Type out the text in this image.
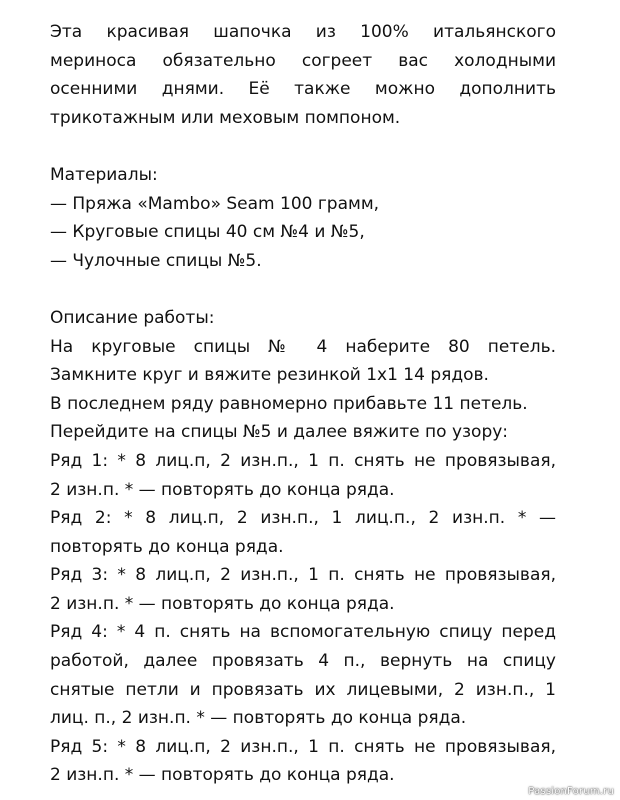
Эта красивая шапочка из 100% итальянского
мериноса обязательно согреет вас холодными
осенними днями. Её также можно дополнить
трикотажным или меховым помпоном.
Материалы:
— Пряжа «Mambo» Seam 100 грамм,
— Круговые спицы 40 см №4 и №5,
— Чулочные спицы №5.
Описание работы:
На круговые спицы № 4 наберите 80 петель.
Замкните круг и вяжите резинкой 1х1 14 рядов.
В последнем ряду равномерно прибавьте 11 петель.
Перейдите на спицы №5 и далее вяжите по узору:
Ряд 1: * 8 лиц.п, 2 изн.п., 1 п. снять не провязывая,
2 изн.п. * — повторять до конца ряда.
Ряд 2: * 8 лиц.п, 2 изн.п., 1 лиц.п., 2 изн.п. * —
повторять до конца ряда.
Ряд 3: * 8 лиц.п, 2 изн.п., 1 п. снять не провязывая,
2 изн.п. * — повторять до конца ряда.
Ряд 4: * 4 п. снять на вспомогательную спицу перед
работой, далее провязать 4 п., вернуть на спицу
снятые петли и провязать их лицевыми, 2 изн.п., 1
лиц. п., 2 изн.п. * — повторять до конца ряда.
Ряд 5: * 8 лиц.п, 2 изн.п., 1 п. снять не провязывая,
2 изн.п. * — повторять до конца ряда.
PassionForum.ru
